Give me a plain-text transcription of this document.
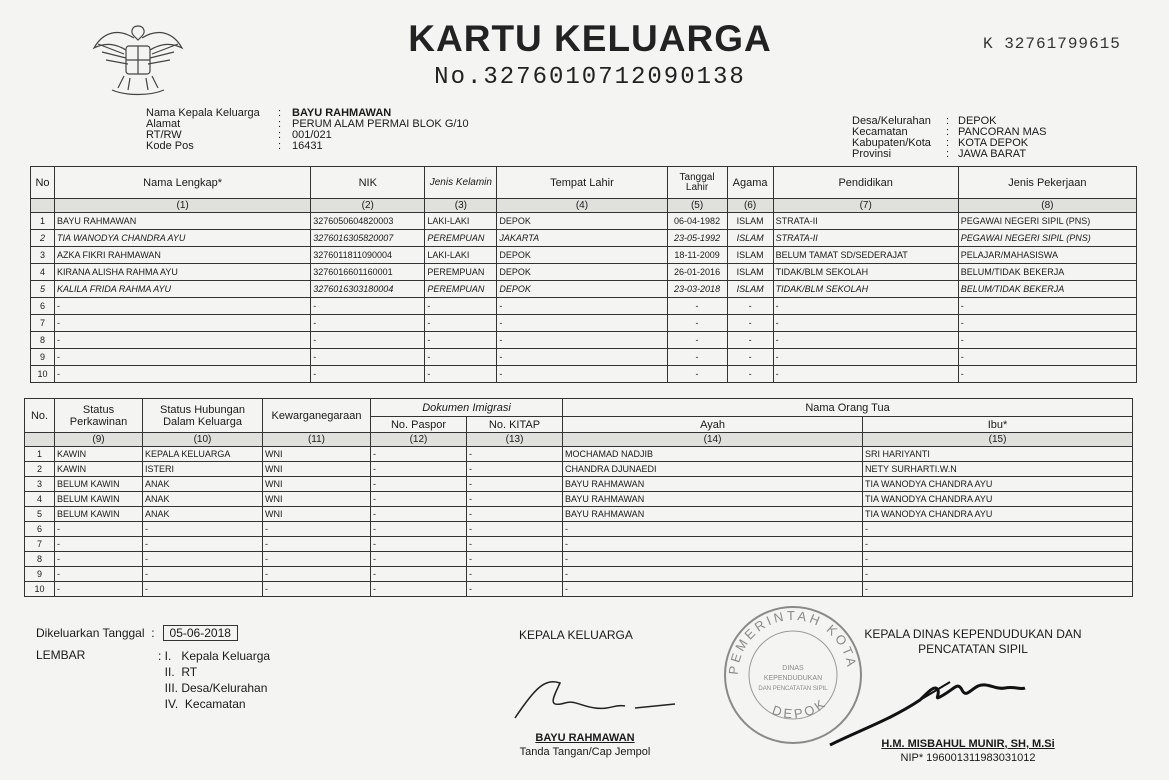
KARTU KELUARGA
No.3276010712090138
K 32761799615
Nama Kepala Keluarga	: BAYU RAHMAWAN
Alamat	: PERUM ALAM PERMAI BLOK G/10
RT/RW	: 001/021
Kode Pos	: 16431
Desa/Kelurahan	: DEPOK
Kecamatan	: PANCORAN MAS
Kabupaten/Kota	: KOTA DEPOK
Provinsi	: JAWA BARAT
No	Nama Lengkap*	NIK	Jenis Kelamin	Tempat Lahir	Tanggal Lahir	Agama	Pendidikan	Jenis Pekerjaan
	(1)	(2)	(3)	(4)	(5)	(6)	(7)	(8)
1	BAYU RAHMAWAN	3276050604820003	LAKI-LAKI	DEPOK	06-04-1982	ISLAM	STRATA-II	PEGAWAI NEGERI SIPIL (PNS)
2	TIA WANODYA CHANDRA AYU	3276016305820007	PEREMPUAN	JAKARTA	23-05-1992	ISLAM	STRATA-II	PEGAWAI NEGERI SIPIL (PNS)
3	AZKA FIKRI RAHMAWAN	3276011811090004	LAKI-LAKI	DEPOK	18-11-2009	ISLAM	BELUM TAMAT SD/SEDERAJAT	PELAJAR/MAHASISWA
4	KIRANA ALISHA RAHMA AYU	3276016601160001	PEREMPUAN	DEPOK	26-01-2016	ISLAM	TIDAK/BLM SEKOLAH	BELUM/TIDAK BEKERJA
5	KALILA FRIDA RAHMA AYU	3276016303180004	PEREMPUAN	DEPOK	23-03-2018	ISLAM	TIDAK/BLM SEKOLAH	BELUM/TIDAK BEKERJA
6	-	-	-	-	-	-	-	-
7	-	-	-	-	-	-	-	-
8	-	-	-	-	-	-	-	-
9	-	-	-	-	-	-	-	-
10	-	-	-	-	-	-	-	-
No.	Status Perkawinan	Status Hubungan Dalam Keluarga	Kewarganegaraan	Dokumen Imigrasi		Nama Orang Tua	
				No. Paspor	No. KITAP	Ayah	Ibu*
	(9)	(10)	(11)	(12)	(13)	(14)	(15)
1	KAWIN	KEPALA KELUARGA	WNI	-	-	MOCHAMAD NADJIB	SRI HARIYANTI
2	KAWIN	ISTERI	WNI	-	-	CHANDRA DJUNAEDI	NETY SURHARTI.W.N
3	BELUM KAWIN	ANAK	WNI	-	-	BAYU RAHMAWAN	TIA WANODYA CHANDRA AYU
4	BELUM KAWIN	ANAK	WNI	-	-	BAYU RAHMAWAN	TIA WANODYA CHANDRA AYU
5	BELUM KAWIN	ANAK	WNI	-	-	BAYU RAHMAWAN	TIA WANODYA CHANDRA AYU
6	-	-	-	-	-	-	-
7	-	-	-	-	-	-	-
8	-	-	-	-	-	-	-
9	-	-	-	-	-	-	-
10	-	-	-	-	-	-	-
Dikeluarkan Tanggal
:	05-06-2018
LEMBAR	: I.   Kepala Keluarga
II.  RT
III. Desa/Kelurahan
IV.  Kecamatan
KEPALA KELUARGA
BAYU RAHMAWAN
Tanda Tangan/Cap Jempol
PEMERINTAH KOTA
DEPOK
DINAS
KEPENDUDUKAN
DAN PENCATATAN SIPIL
KEPALA DINAS KEPENDUDUKAN DAN
PENCATATAN SIPIL
H.M. MISBAHUL MUNIR, SH, M.Si
NIP* 196001311983031012
